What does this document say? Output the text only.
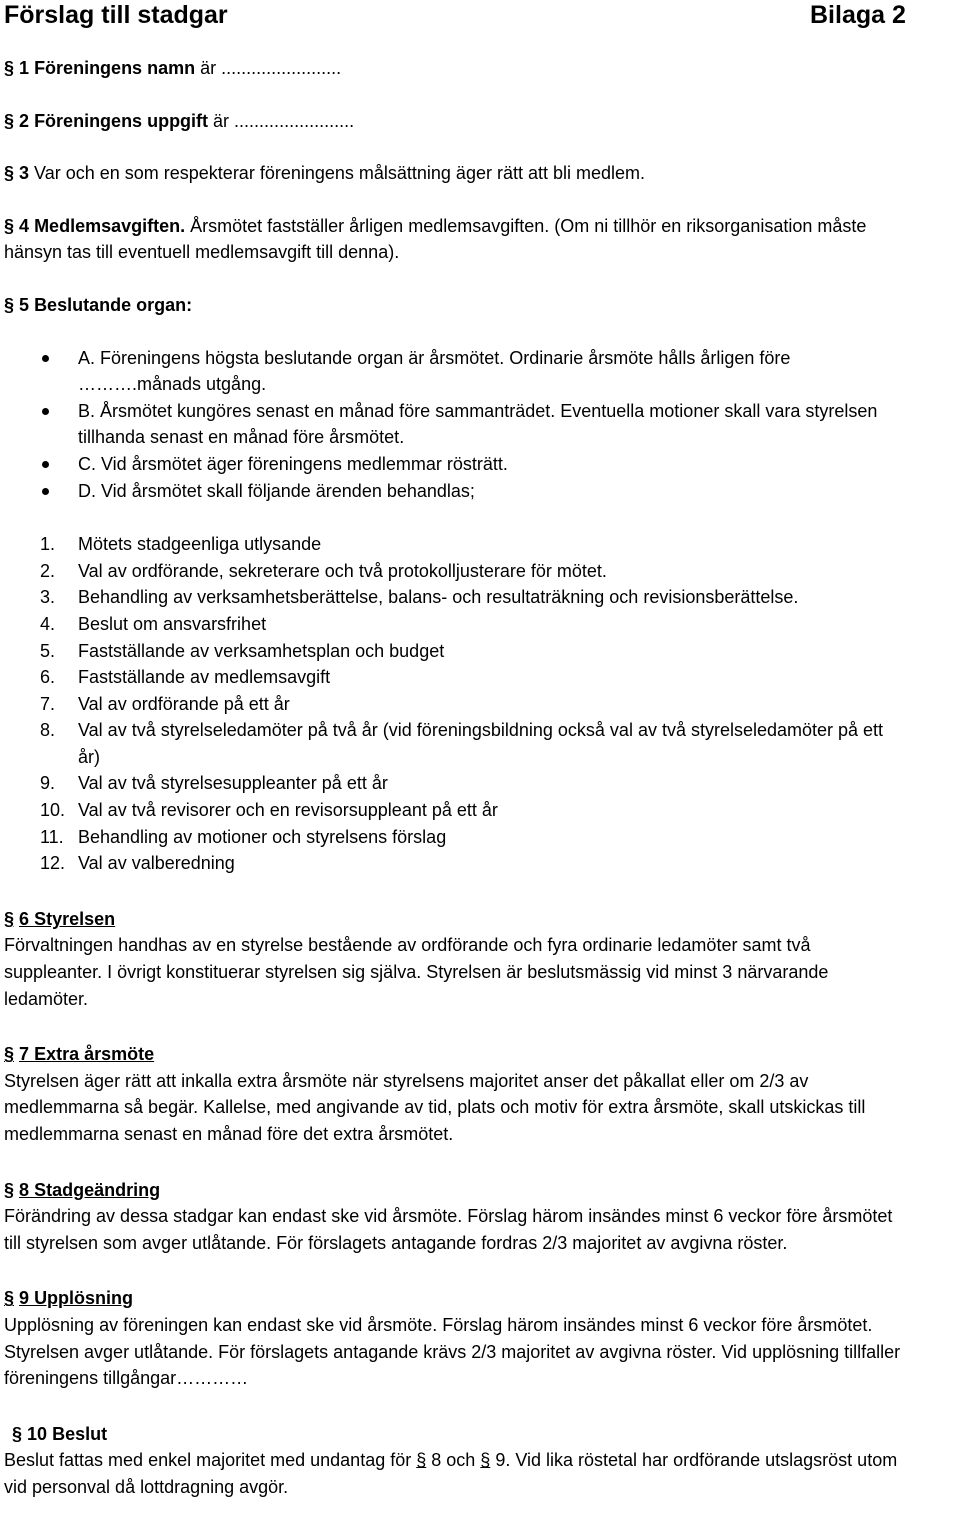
Förslag till stadgar	Bilaga 2

§ 1 Föreningens namn är ........................

§ 2 Föreningens uppgift är ........................

§ 3 Var och en som respekterar föreningens målsättning äger rätt att bli medlem.

§ 4 Medlemsavgiften. Årsmötet fastställer årligen medlemsavgiften. (Om ni tillhör en riksorganisation måste
hänsyn tas till eventuell medlemsavgift till denna).
§ 5 Beslutande organ:
A. Föreningens högsta beslutande organ är årsmötet. Ordinarie årsmöte hålls årligen före
……….månads utgång.
B. Årsmötet kungöres senast en månad före sammanträdet. Eventuella motioner skall vara styrelsen
tillhanda senast en månad före årsmötet.
C. Vid årsmötet äger föreningens medlemmar rösträtt.
D. Vid årsmötet skall följande ärenden behandlas;
1. Mötets stadgeenliga utlysande
2. Val av ordförande, sekreterare och två protokolljusterare för mötet.
3. Behandling av verksamhetsberättelse, balans- och resultaträkning och revisionsberättelse.
4. Beslut om ansvarsfrihet
5. Fastställande av verksamhetsplan och budget
6. Fastställande av medlemsavgift
7. Val av ordförande på ett år
8. Val av två styrelseledamöter på två år (vid föreningsbildning också val av två styrelseledamöter på ett
år)
9. Val av två styrelsesuppleanter på ett år
10. Val av två revisorer och en revisorsuppleant på ett år
11. Behandling av motioner och styrelsens förslag
12. Val av valberedning
§ 6 Styrelsen
Förvaltningen handhas av en styrelse bestående av ordförande och fyra ordinarie ledamöter samt två
suppleanter. I övrigt konstituerar styrelsen sig själva. Styrelsen är beslutsmässig vid minst 3 närvarande
ledamöter.
§ 7 Extra årsmöte
Styrelsen äger rätt att inkalla extra årsmöte när styrelsens majoritet anser det påkallat eller om 2/3 av
medlemmarna så begär. Kallelse, med angivande av tid, plats och motiv för extra årsmöte, skall utskickas till
medlemmarna senast en månad före det extra årsmötet.
§ 8 Stadgeändring
Förändring av dessa stadgar kan endast ske vid årsmöte. Förslag härom insändes minst 6 veckor före årsmötet
till styrelsen som avger utlåtande. För förslagets antagande fordras 2/3 majoritet av avgivna röster.
§ 9 Upplösning
Upplösning av föreningen kan endast ske vid årsmöte. Förslag härom insändes minst 6 veckor före årsmötet.
Styrelsen avger utlåtande. För förslagets antagande krävs 2/3 majoritet av avgivna röster. Vid upplösning tillfaller
föreningens tillgångar…………
§ 10 Beslut
Beslut fattas med enkel majoritet med undantag för § 8 och § 9. Vid lika röstetal har ordförande utslagsröst utom
vid personval då lottdragning avgör.
